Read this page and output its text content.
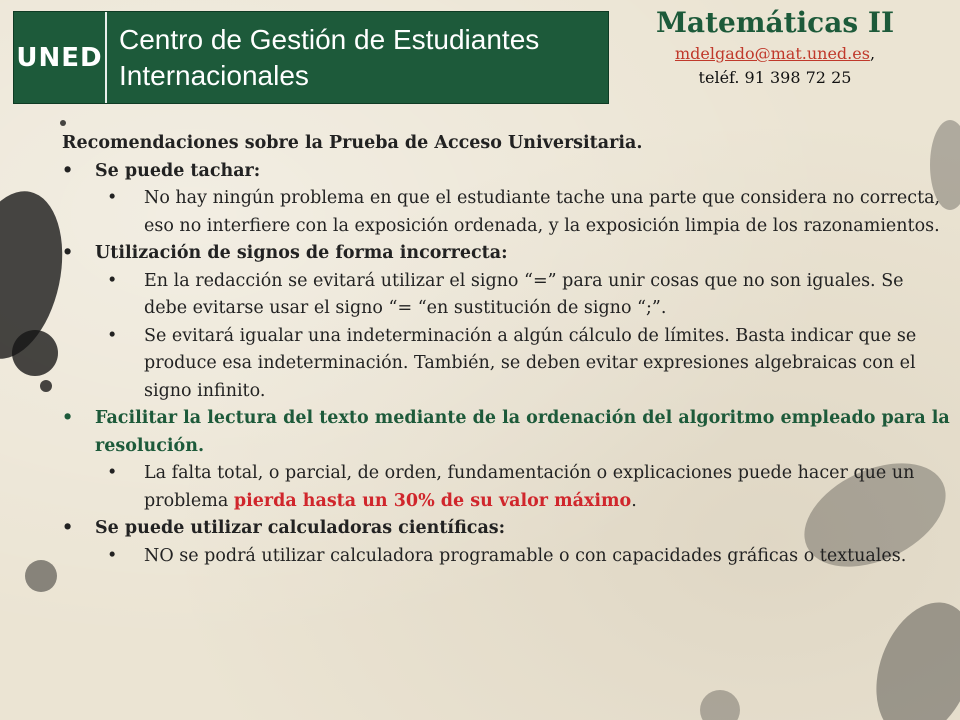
UNED
Centro de Gestión de Estudiantes Internacionales
Matemáticas II
mdelgado@mat.uned.es,
teléf. 91 398 72 25
Recomendaciones sobre la Prueba de Acceso Universitaria.
• Se puede tachar:
• No hay ningún problema en que el estudiante tache una parte que considera no correcta, eso no interfiere con la exposición ordenada, y la exposición limpia de los razonamientos.
• Utilización de signos de forma incorrecta:
• En la redacción se evitará utilizar el signo “=” para unir cosas que no son iguales. Se debe evitarse usar el signo “= “en sustitución de signo “;”.
• Se evitará igualar una indeterminación a algún cálculo de límites. Basta indicar que se produce esa indeterminación. También, se deben evitar expresiones algebraicas con el signo infinito.
• Facilitar la lectura del texto mediante de la ordenación del algoritmo empleado para la resolución.
• La falta total, o parcial, de orden, fundamentación o explicaciones puede hacer que un problema pierda hasta un 30% de su valor máximo.
• Se puede utilizar calculadoras científicas:
• NO se podrá utilizar calculadora programable o con capacidades gráficas o textuales.
